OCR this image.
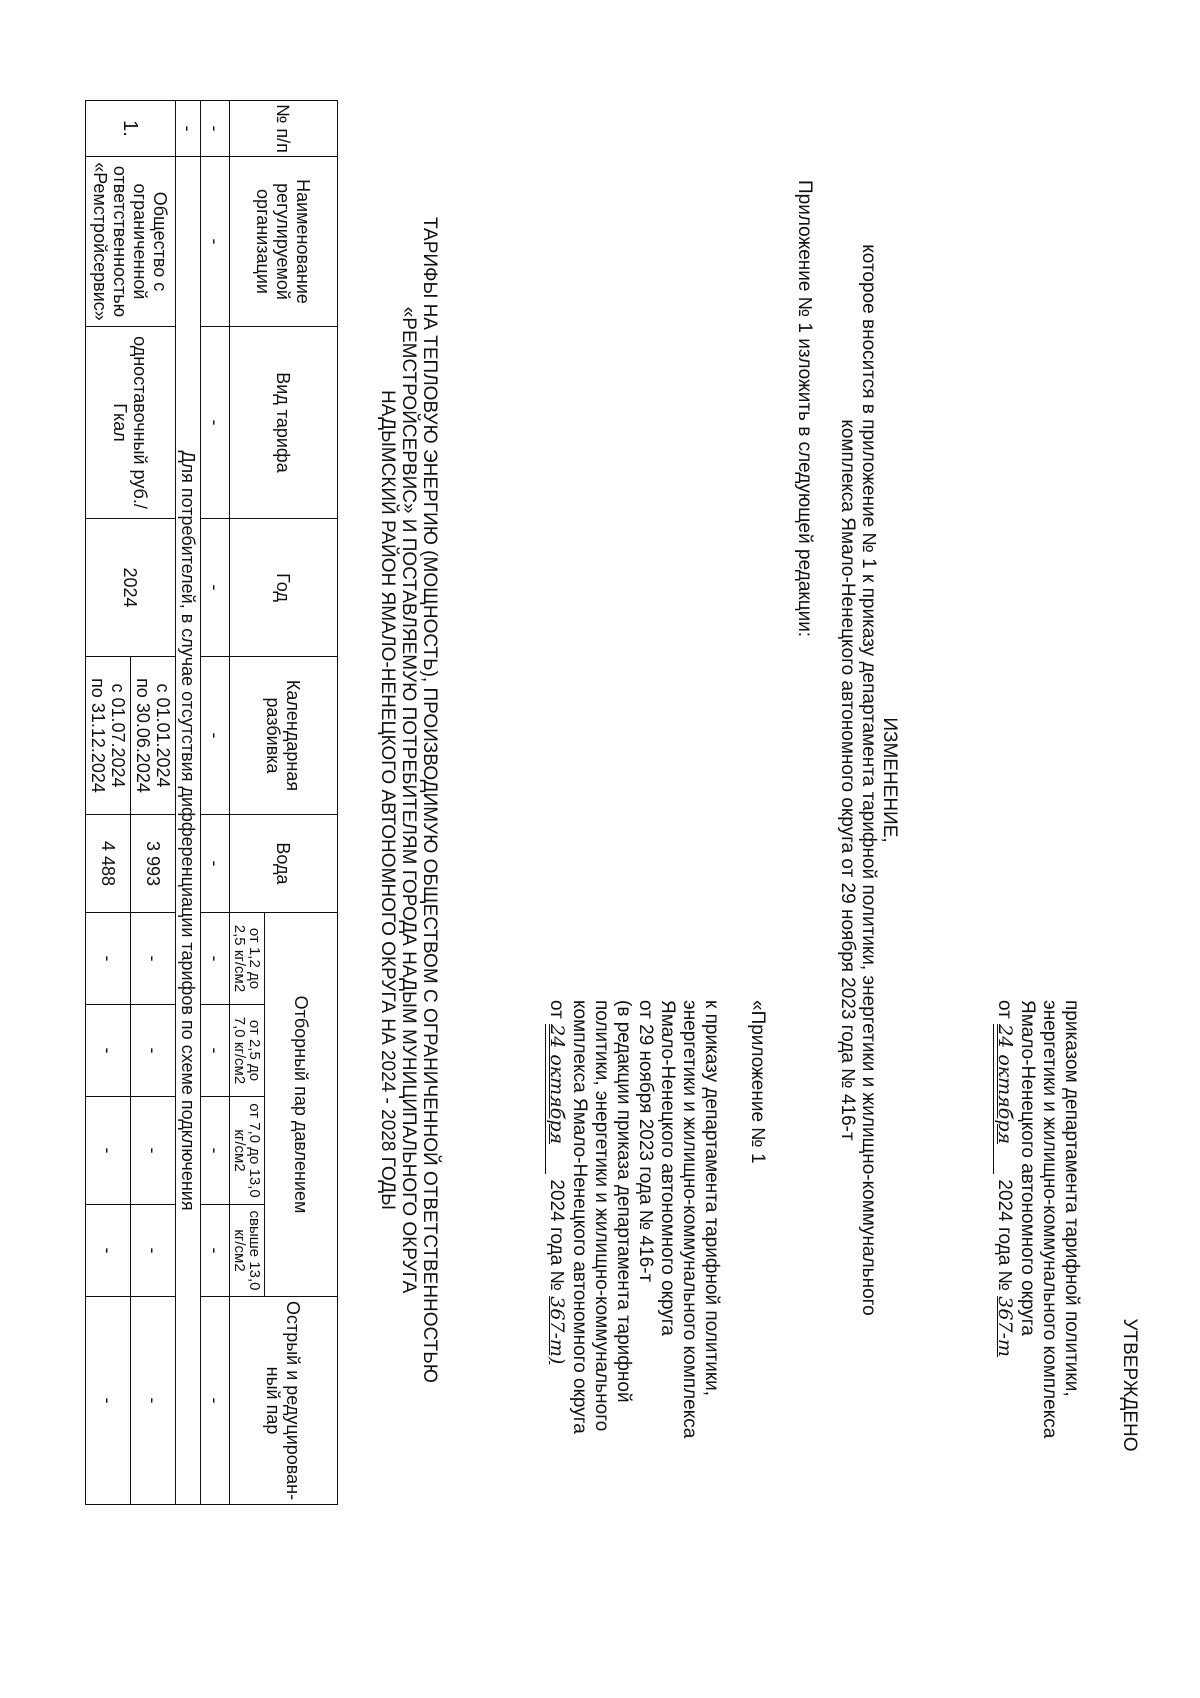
УТВЕРЖДЕНО
приказом департамента тарифной политики,
энергетики и жилищно-коммунального комплекса
Ямало-Ненецкого автономного округа
от 24 октября 2024 года № 367-т
ИЗМЕНЕНИЕ,
которое вносится в приложение № 1 к приказу департамента тарифной политики, энергетики и жилищно-коммунального
комплекса Ямало-Ненецкого автономного округа от 29 ноября 2023 года № 416-т
Приложение № 1 изложить в следующей редакции:
«Приложение № 1
к приказу департамента тарифной политики,
энергетики и жилищно-коммунального комплекса
Ямало-Ненецкого автономного округа
от 29 ноября 2023 года № 416-т
(в редакции приказа департамента тарифной
политики, энергетики и жилищно-коммунального
комплекса Ямало-Ненецкого автономного округа
от 24 октября 2024 года № 367-т)
ТАРИФЫ НА ТЕПЛОВУЮ ЭНЕРГИЮ (МОЩНОСТЬ), ПРОИЗВОДИМУЮ ОБЩЕСТВОМ С ОГРАНИЧЕННОЙ ОТВЕТСТВЕННОСТЬЮ
«РЕМСТРОЙСЕРВИС» И ПОСТАВЛЯЕМУЮ ПОТРЕБИТЕЛЯМ ГОРОДА НАДЫМ МУНИЦИПАЛЬНОГО ОКРУГА
НАДЫМСКИЙ РАЙОН ЯМАЛО-НЕНЕЦКОГО АВТОНОМНОГО ОКРУГА НА 2024 - 2028 ГОДЫ
№ п/п	Наименование регулируемой организации	Вид тарифа	Год	Календарная разбивка	Вода	Отборный пар давлением				Острый и редуцирован-ный пар
						от 1,2 до 2,5 кг/см2	от 2,5 до 7,0 кг/см2	от 7,0 до 13,0 кг/см2	свыше 13,0 кг/см2	
-	-	-	-	-	-	-	-	-	-	-
-	Для потребителей, в случае отсутствия дифференциации тарифов по схеме подключения									
1.	Общество с ограниченной ответственностью «Ремстройсервис»	одноставочный руб./Гкал	2024	с 01.01.2024
по 30.06.2024	3 993	-	-	-	-	-

				с 01.07.2024
по 31.12.2024	4 488	-	-	-	-	-
